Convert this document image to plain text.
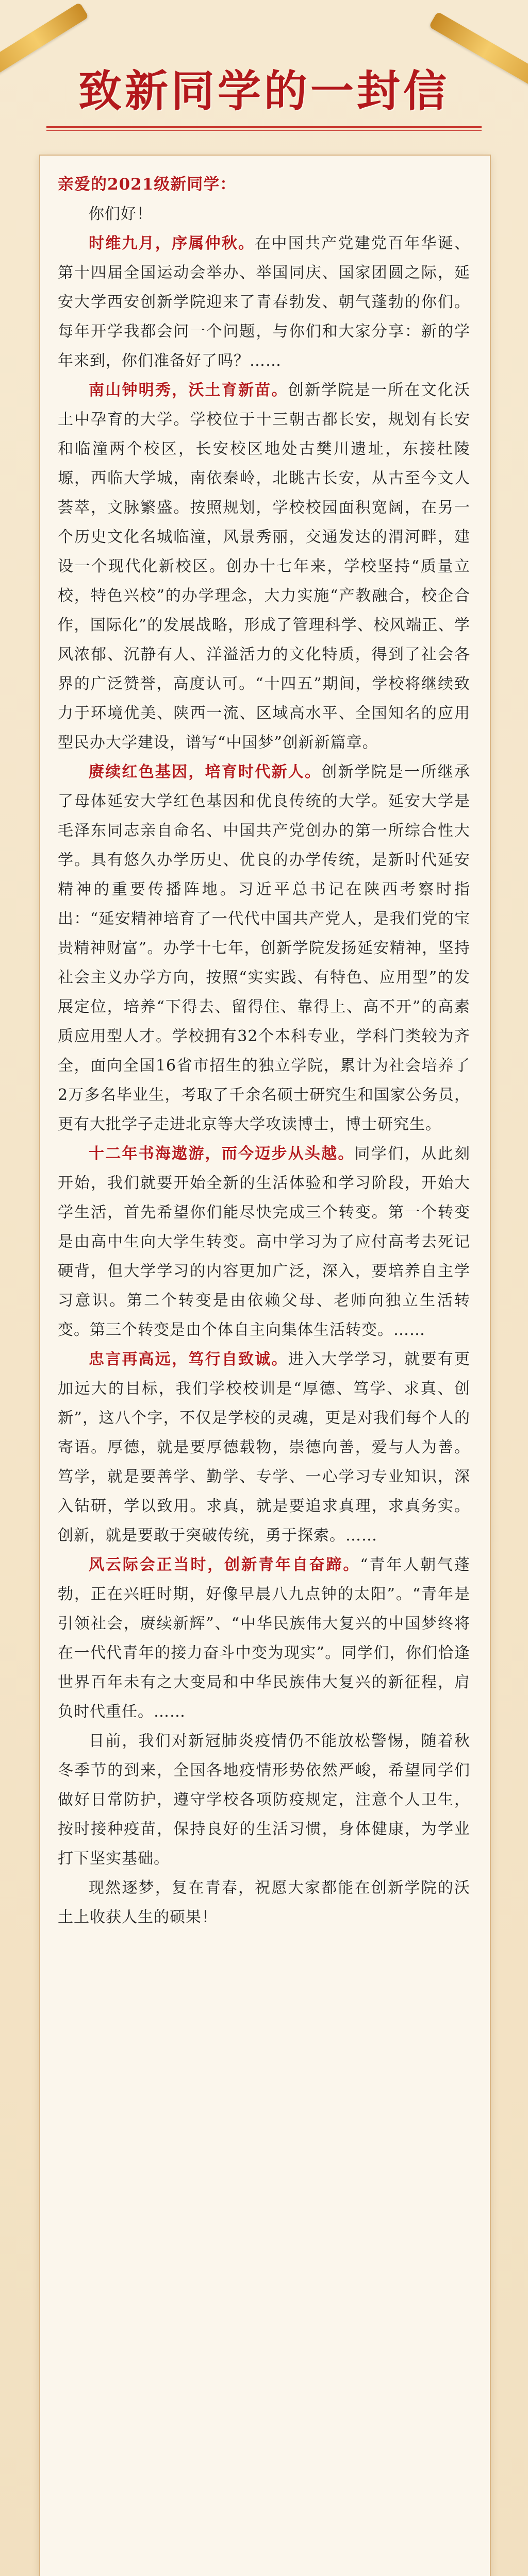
致新同学的一封信

亲爱的2021级新同学：

你们好！

时维九月，序属仲秋。在中国共产党建党百年华诞、第十四届全国运动会举办、举国同庆、国家团圆之际，延安大学西安创新学院迎来了青春勃发、朝气蓬勃的你们。每年开学我都会问一个问题，与你们和大家分享：新的学年来到，你们准备好了吗？……

南山钟明秀，沃土育新苗。创新学院是一所在文化沃土中孕育的大学。学校位于十三朝古都长安，规划有长安和临潼两个校区，长安校区地处古樊川遗址，东接杜陵塬，西临大学城，南依秦岭，北眺古长安，从古至今文人荟萃，文脉繁盛。按照规划，学校校园面积宽阔，在另一个历史文化名城临潼，风景秀丽，交通发达的渭河畔，建设一个现代化新校区。创办十七年来，学校坚持“质量立校，特色兴校”的办学理念，大力实施“产教融合，校企合作，国际化”的发展战略，形成了管理科学、校风端正、学风浓郁、沉静有人、洋溢活力的文化特质，得到了社会各界的广泛赞誉，高度认可。“十四五”期间，学校将继续致力于环境优美、陕西一流、区域高水平、全国知名的应用型民办大学建设，谱写“中国梦”创新新篇章。

赓续红色基因，培育时代新人。创新学院是一所继承了母体延安大学红色基因和优良传统的大学。延安大学是毛泽东同志亲自命名、中国共产党创办的第一所综合性大学。具有悠久办学历史、优良的办学传统，是新时代延安精神的重要传播阵地。习近平总书记在陕西考察时指出：“延安精神培育了一代代中国共产党人，是我们党的宝贵精神财富”。办学十七年，创新学院发扬延安精神，坚持社会主义办学方向，按照“实实践、有特色、应用型”的发展定位，培养“下得去、留得住、靠得上、高不开”的高素质应用型人才。学校拥有32个本科专业，学科门类较为齐全，面向全国16省市招生的独立学院，累计为社会培养了2万多名毕业生，考取了千余名硕士研究生和国家公务员，更有大批学子走进北京等大学攻读博士，博士研究生。

十二年书海遨游，而今迈步从头越。同学们，从此刻开始，我们就要开始全新的生活体验和学习阶段，开始大学生活，首先希望你们能尽快完成三个转变。第一个转变是由高中生向大学生转变。高中学习为了应付高考去死记硬背，但大学学习的内容更加广泛，深入，要培养自主学习意识。第二个转变是由依赖父母、老师向独立生活转变。第三个转变是由个体自主向集体生活转变。……

忠言再高远，笃行自致诚。进入大学学习，就要有更加远大的目标，我们学校校训是“厚德、笃学、求真、创新”，这八个字，不仅是学校的灵魂，更是对我们每个人的寄语。厚德，就是要厚德载物，崇德向善，爱与人为善。笃学，就是要善学、勤学、专学、一心学习专业知识，深入钻研，学以致用。求真，就是要追求真理，求真务实。创新，就是要敢于突破传统，勇于探索。……

风云际会正当时，创新青年自奋蹄。“青年人朝气蓬勃，正在兴旺时期，好像早晨八九点钟的太阳”。“青年是引领社会，赓续新辉”、“中华民族伟大复兴的中国梦终将在一代代青年的接力奋斗中变为现实”。同学们，你们恰逢世界百年未有之大变局和中华民族伟大复兴的新征程，肩负时代重任。……

目前，我们对新冠肺炎疫情仍不能放松警惕，随着秋冬季节的到来，全国各地疫情形势依然严峻，希望同学们做好日常防护，遵守学校各项防疫规定，注意个人卫生，按时接种疫苗，保持良好的生活习惯，身体健康，为学业打下坚实基础。

现然逐梦，复在青春，祝愿大家都能在创新学院的沃土上收获人生的硕果！
